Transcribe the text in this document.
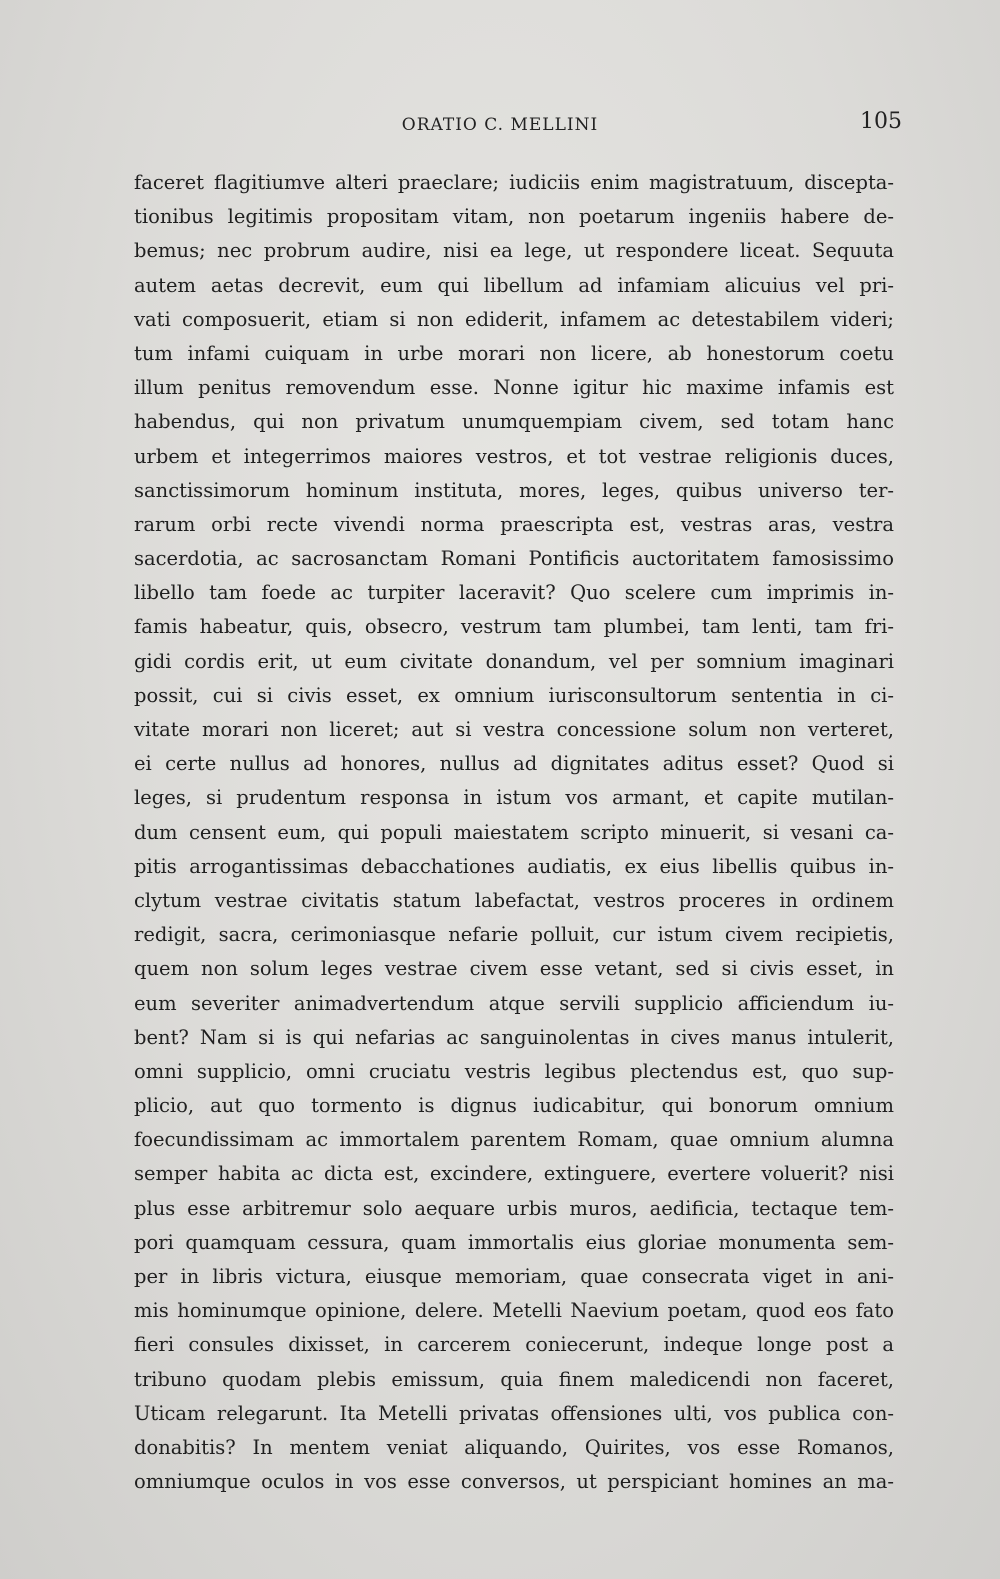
ORATIO C. MELLINI	105
faceret flagitiumve alteri praeclare; iudiciis enim magistratuum, discepta-
tionibus legitimis propositam vitam, non poetarum ingeniis habere de-
bemus; nec probrum audire, nisi ea lege, ut respondere liceat. Sequuta
autem aetas decrevit, eum qui libellum ad infamiam alicuius vel pri-
vati composuerit, etiam si non ediderit, infamem ac detestabilem videri;
tum infami cuiquam in urbe morari non licere, ab honestorum coetu
illum penitus removendum esse. Nonne igitur hic maxime infamis est
habendus, qui non privatum unumquempiam civem, sed totam hanc
urbem et integerrimos maiores vestros, et tot vestrae religionis duces,
sanctissimorum hominum instituta, mores, leges, quibus universo ter-
rarum orbi recte vivendi norma praescripta est, vestras aras, vestra
sacerdotia, ac sacrosanctam Romani Pontificis auctoritatem famosissimo
libello tam foede ac turpiter laceravit? Quo scelere cum imprimis in-
famis habeatur, quis, obsecro, vestrum tam plumbei, tam lenti, tam fri-
gidi cordis erit, ut eum civitate donandum, vel per somnium imaginari
possit, cui si civis esset, ex omnium iurisconsultorum sententia in ci-
vitate morari non liceret; aut si vestra concessione solum non verteret,
ei certe nullus ad honores, nullus ad dignitates aditus esset? Quod si
leges, si prudentum responsa in istum vos armant, et capite mutilan-
dum censent eum, qui populi maiestatem scripto minuerit, si vesani ca-
pitis arrogantissimas debacchationes audiatis, ex eius libellis quibus in-
clytum vestrae civitatis statum labefactat, vestros proceres in ordinem
redigit, sacra, cerimoniasque nefarie polluit, cur istum civem recipietis,
quem non solum leges vestrae civem esse vetant, sed si civis esset, in
eum severiter animadvertendum atque servili supplicio afficiendum iu-
bent? Nam si is qui nefarias ac sanguinolentas in cives manus intulerit,
omni supplicio, omni cruciatu vestris legibus plectendus est, quo sup-
plicio, aut quo tormento is dignus iudicabitur, qui bonorum omnium
foecundissimam ac immortalem parentem Romam, quae omnium alumna
semper habita ac dicta est, excindere, extinguere, evertere voluerit? nisi
plus esse arbitremur solo aequare urbis muros, aedificia, tectaque tem-
pori quamquam cessura, quam immortalis eius gloriae monumenta sem-
per in libris victura, eiusque memoriam, quae consecrata viget in ani-
mis hominumque opinione, delere. Metelli Naevium poetam, quod eos fato
fieri consules dixisset, in carcerem coniecerunt, indeque longe post a
tribuno quodam plebis emissum, quia finem maledicendi non faceret,
Uticam relegarunt. Ita Metelli privatas offensiones ulti, vos publica con-
donabitis? In mentem veniat aliquando, Quirites, vos esse Romanos,
omniumque oculos in vos esse conversos, ut perspiciant homines an ma-
